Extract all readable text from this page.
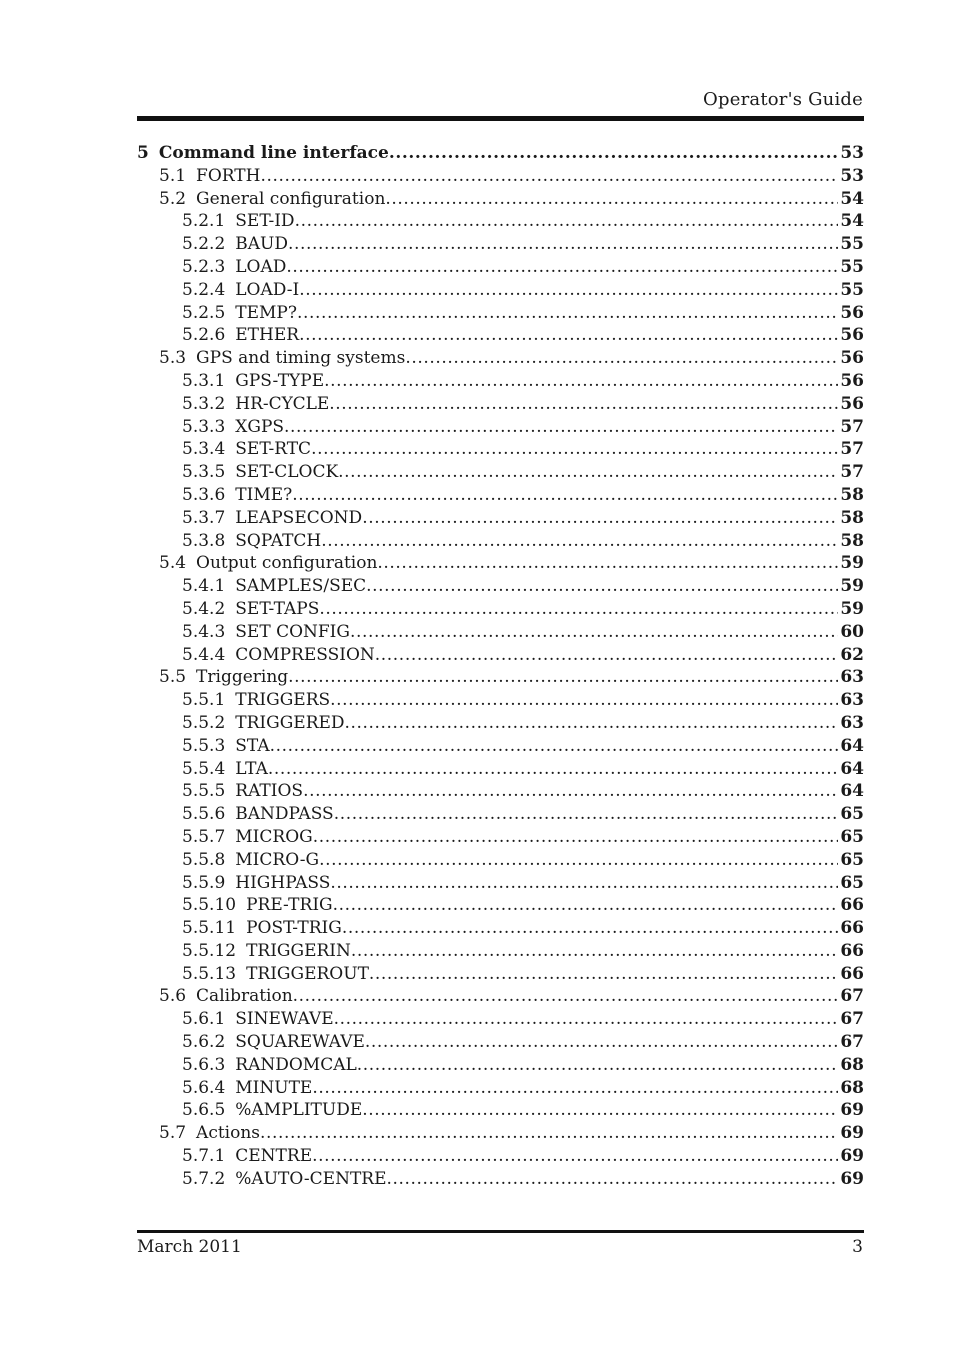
Operator's Guide
5 Command line interface .....	53
5.1 FORTH .....	53
5.2 General configuration .....	54
5.2.1 SET-ID .....	54
5.2.2 BAUD .....	55
5.2.3 LOAD .....	55
5.2.4 LOAD-I .....	55
5.2.5 TEMP? .....	56
5.2.6 ETHER .....	56
5.3 GPS and timing systems .....	56
5.3.1 GPS-TYPE .....	56
5.3.2 HR-CYCLE .....	56
5.3.3 XGPS .....	57
5.3.4 SET-RTC .....	57
5.3.5 SET-CLOCK .....	57
5.3.6 TIME? .....	58
5.3.7 LEAPSECOND .....	58
5.3.8 SQPATCH .....	58
5.4 Output configuration .....	59
5.4.1 SAMPLES/SEC .....	59
5.4.2 SET-TAPS .....	59
5.4.3 SET CONFIG .....	60
5.4.4 COMPRESSION .....	62
5.5 Triggering .....	63
5.5.1 TRIGGERS .....	63
5.5.2 TRIGGERED .....	63
5.5.3 STA .....	64
5.5.4 LTA .....	64
5.5.5 RATIOS .....	64
5.5.6 BANDPASS .....	65
5.5.7 MICROG .....	65
5.5.8 MICRO-G .....	65
5.5.9 HIGHPASS .....	65
5.5.10 PRE-TRIG .....	66
5.5.11 POST-TRIG .....	66
5.5.12 TRIGGERIN .....	66
5.5.13 TRIGGEROUT .....	66
5.6 Calibration .....	67
5.6.1 SINEWAVE .....	67
5.6.2 SQUAREWAVE .....	67
5.6.3 RANDOMCAL .....	68
5.6.4 MINUTE .....	68
5.6.5 %AMPLITUDE .....	69
5.7 Actions .....	69
5.7.1 CENTRE .....	69
5.7.2 %AUTO-CENTRE .....	69
March 2011	3
